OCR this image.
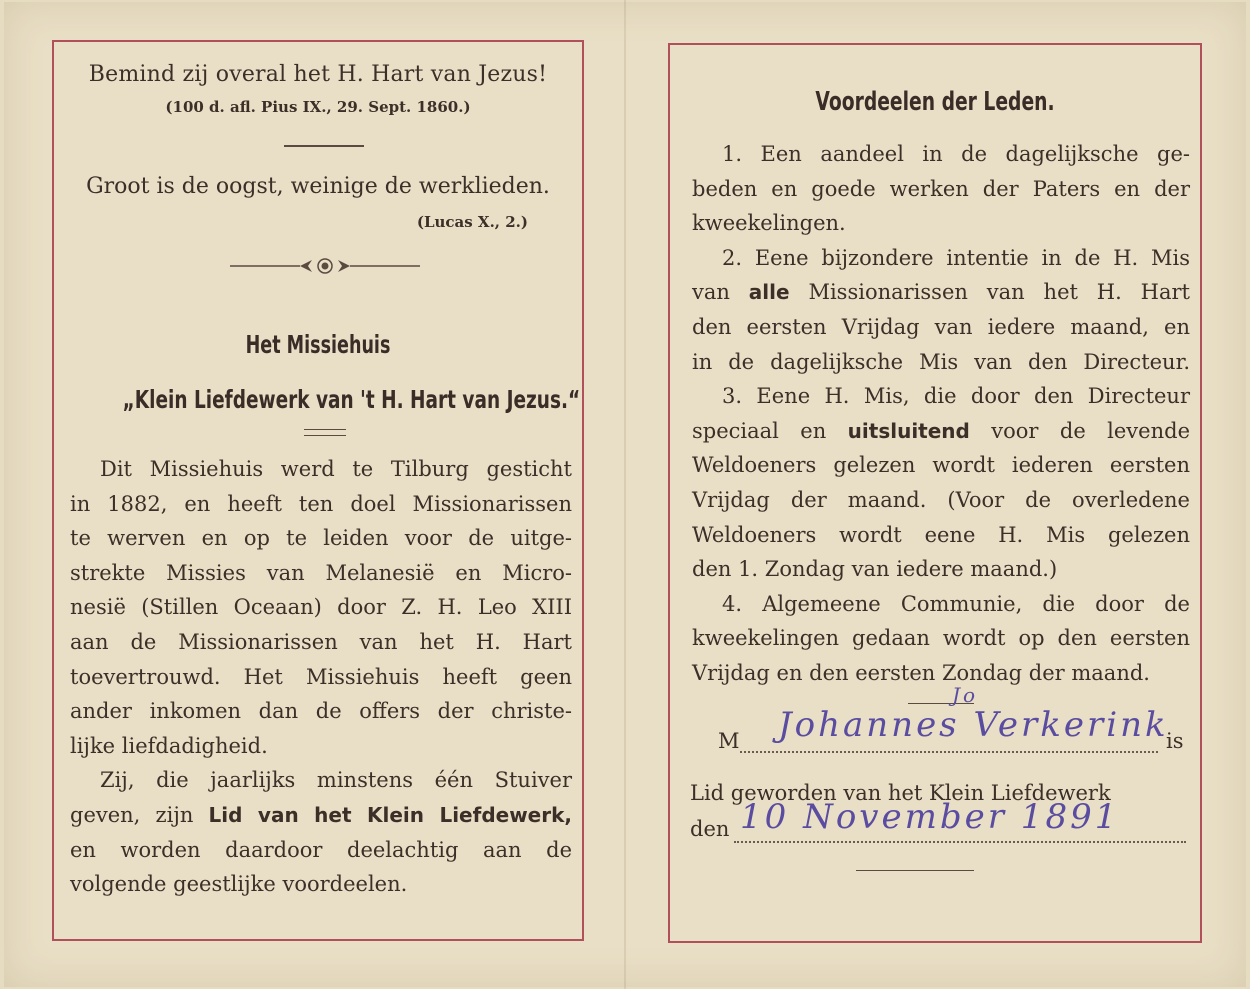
Bemind zij overal het H. Hart van Jezus!
(100 d. afl. Pius IX., 29. Sept. 1860.)
Groot is de oogst, weinige de werklieden.
(Lucas X., 2.)
Het Missiehuis
„Klein Liefdewerk van 't H. Hart van Jezus.“
Dit Missiehuis werd te Tilburg gesticht
in 1882, en heeft ten doel Missionarissen
te werven en op te leiden voor de uitge-
strekte Missies van Melanesië en Micro-
nesië (Stillen Oceaan) door Z. H. Leo XIII
aan de Missionarissen van het H. Hart
toevertrouwd. Het Missiehuis heeft geen
ander inkomen dan de offers der christe-
lijke liefdadigheid.
Zij, die jaarlijks minstens één Stuiver
geven, zijn Lid van het Klein Liefdewerk,
en worden daardoor deelachtig aan de
volgende geestlijke voordeelen.
Voordeelen der Leden.
1. Een aandeel in de dagelijksche ge-
beden en goede werken der Paters en der
kweekelingen.
2. Eene bijzondere intentie in de H. Mis
van alle Missionarissen van het H. Hart
den eersten Vrijdag van iedere maand, en
in de dagelijksche Mis van den Directeur.
3. Eene H. Mis, die door den Directeur
speciaal en uitsluitend voor de levende
Weldoeners gelezen wordt iederen eersten
Vrijdag der maand. (Voor de overledene
Weldoeners wordt eene H. Mis gelezen
den 1. Zondag van iedere maand.)
4. Algemeene Communie, die door de
kweekelingen gedaan wordt op den eersten
Vrijdag en den eersten Zondag der maand.
M	is
Johannes Verkerink
Jo
Lid geworden van het Klein Liefdewerk
den 10 November 1891
